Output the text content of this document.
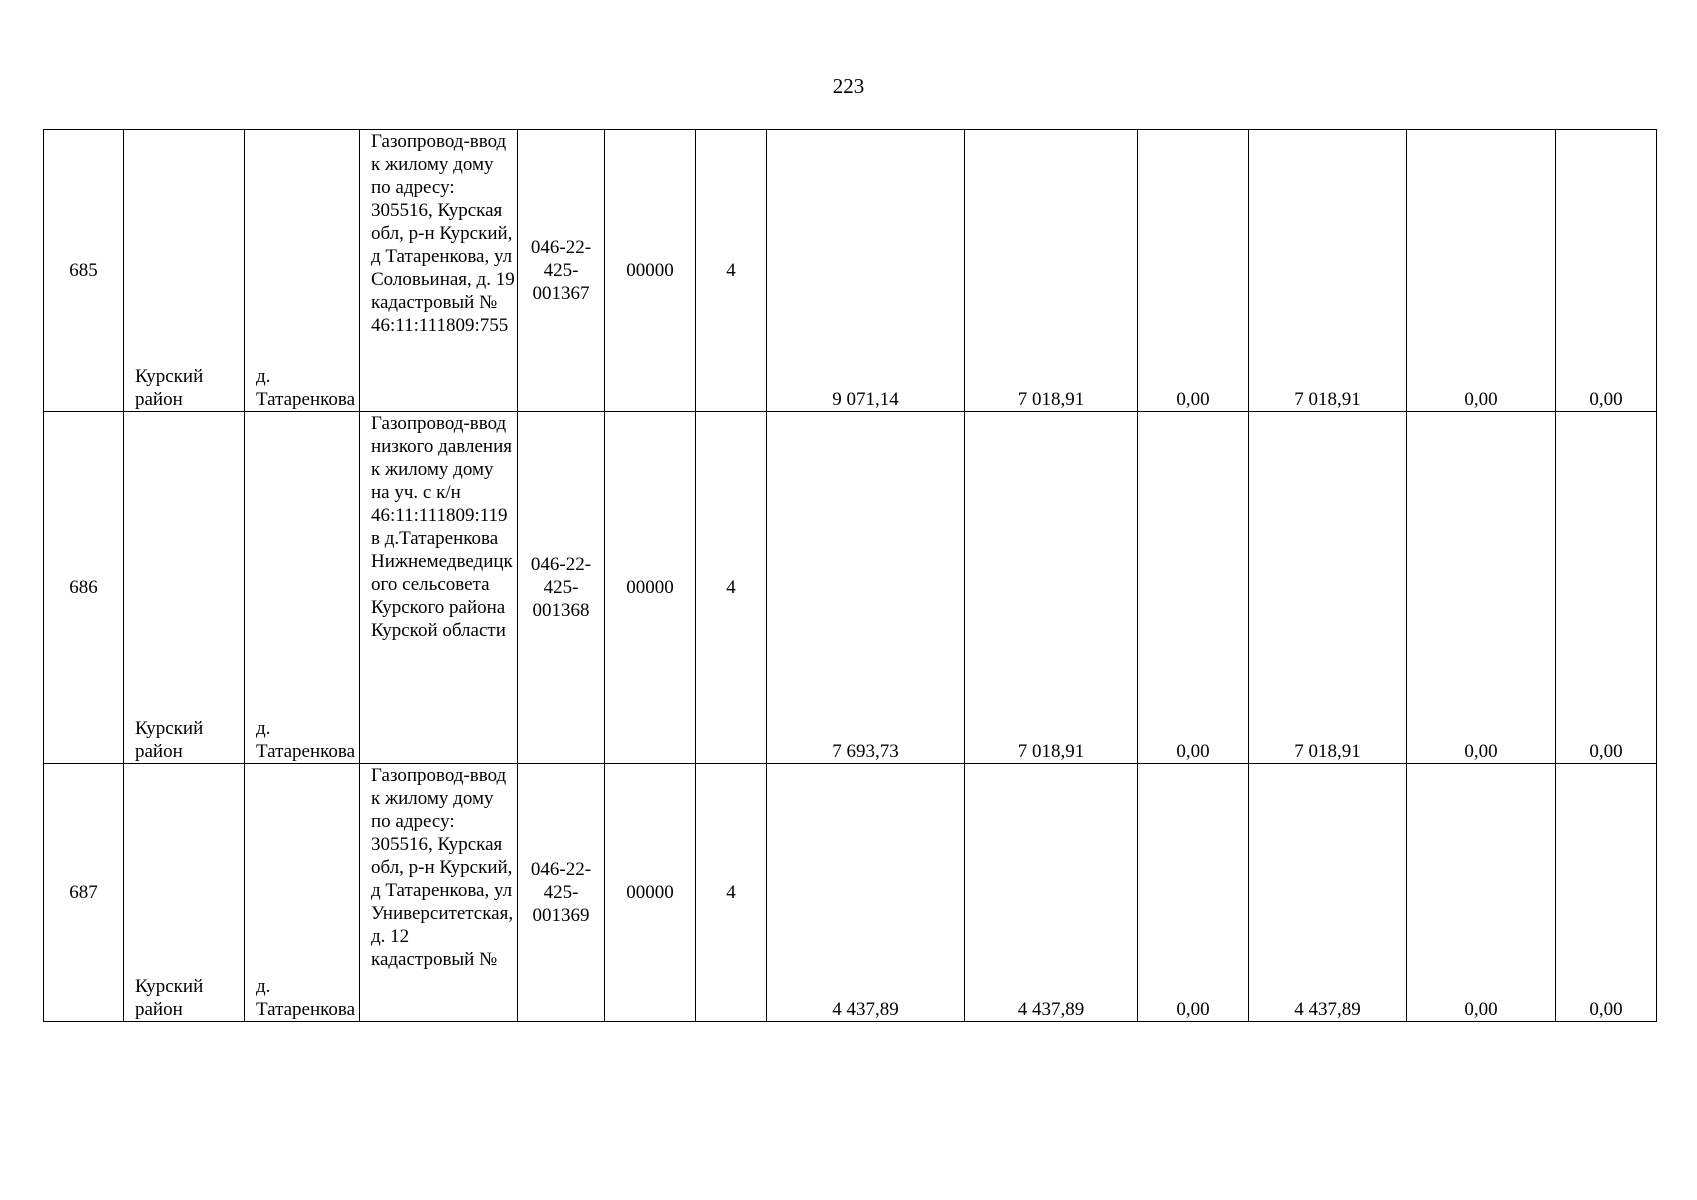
223
685	Курский район	д. Татаренкова	Газопровод-ввод к жилому дому по адресу: 305516, Курская обл, р-н Курский, д Татаренкова, ул Соловьиная, д. 19 кадастровый № 46:11:111809:755	046-22-425-001367	00000	4	9 071,14	7 018,91	0,00	7 018,91	0,00	0,00
686	Курский район	д. Татаренкова	Газопровод-ввод низкого давления к жилому дому на уч. с к/н 46:11:111809:119 в д.Татаренкова Нижнемедведицкого сельсовета Курского района Курской области	046-22-425-001368	00000	4	7 693,73	7 018,91	0,00	7 018,91	0,00	0,00
687	Курский район	д. Татаренкова	Газопровод-ввод к жилому дому по адресу: 305516, Курская обл, р-н Курский, д Татаренкова, ул Университетская, д. 12 кадастровый №	046-22-425-001369	00000	4	4 437,89	4 437,89	0,00	4 437,89	0,00	0,00
